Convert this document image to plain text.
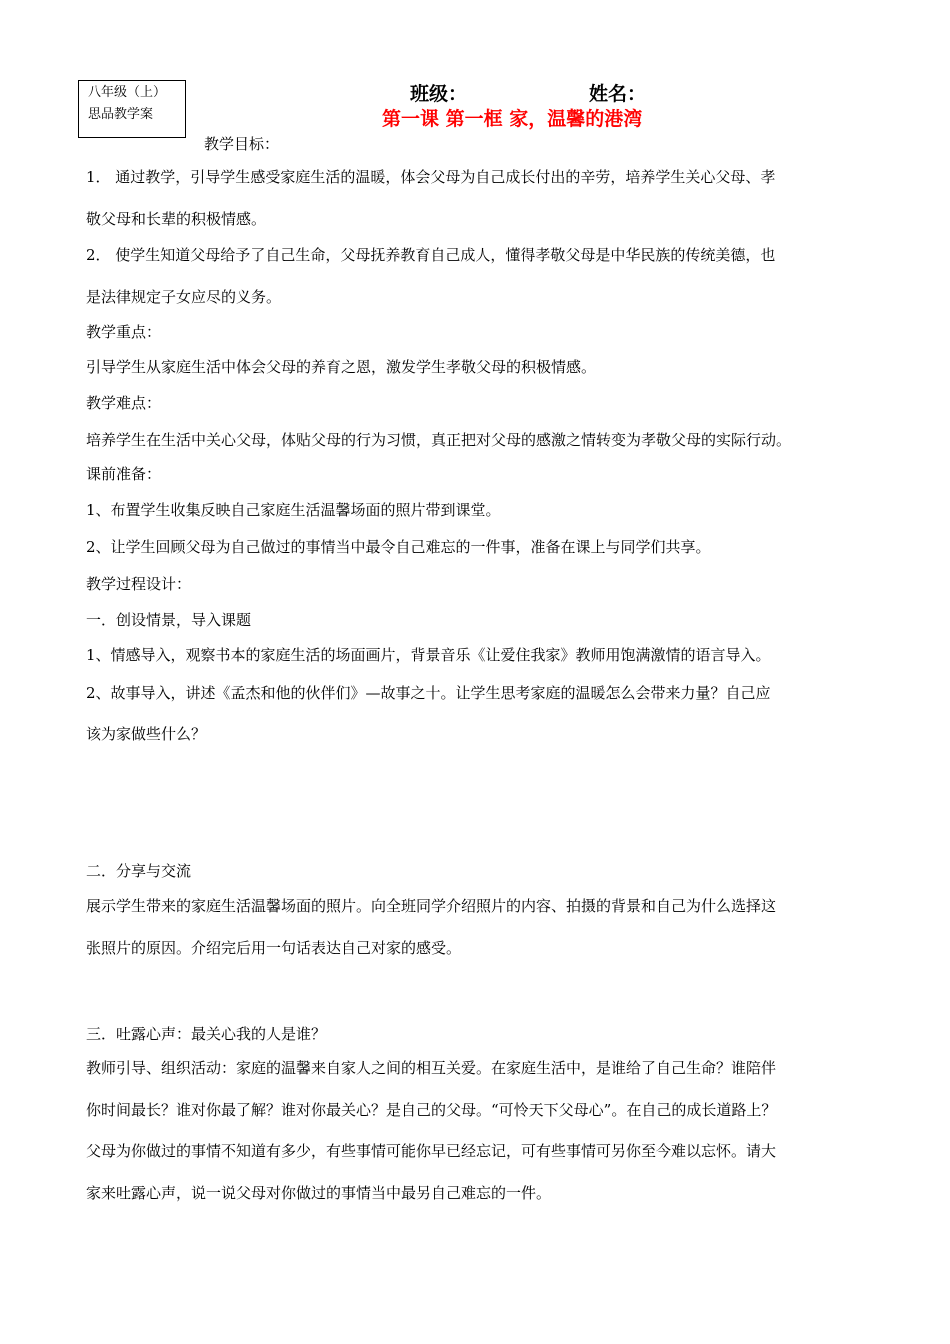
八年级（上）
思品教学案
班级：	姓名：
第一课 第一框 家，温馨的港湾
教学目标：
1． 通过教学，引导学生感受家庭生活的温暖，体会父母为自己成长付出的辛劳，培养学生关心父母、孝
敬父母和长辈的积极情感。
2． 使学生知道父母给予了自己生命，父母抚养教育自己成人，懂得孝敬父母是中华民族的传统美德，也
是法律规定子女应尽的义务。
教学重点：
引导学生从家庭生活中体会父母的养育之恩，激发学生孝敬父母的积极情感。
教学难点：
培养学生在生活中关心父母，体贴父母的行为习惯，真正把对父母的感激之情转变为孝敬父母的实际行动。
课前准备：
1、布置学生收集反映自己家庭生活温馨场面的照片带到课堂。
2、让学生回顾父母为自己做过的事情当中最令自己难忘的一件事，准备在课上与同学们共享。
教学过程设计：
一．创设情景，导入课题
1、情感导入，观察书本的家庭生活的场面画片，背景音乐《让爱住我家》教师用饱满激情的语言导入。
2、故事导入，讲述《孟杰和他的伙伴们》—故事之十。让学生思考家庭的温暖怎么会带来力量？自己应
该为家做些什么？
二．分享与交流
展示学生带来的家庭生活温馨场面的照片。向全班同学介绍照片的内容、拍摄的背景和自己为什么选择这
张照片的原因。介绍完后用一句话表达自己对家的感受。
三．吐露心声：最关心我的人是谁？
教师引导、组织活动：家庭的温馨来自家人之间的相互关爱。在家庭生活中，是谁给了自己生命？谁陪伴
你时间最长？谁对你最了解？谁对你最关心？是自己的父母。“可怜天下父母心”。在自己的成长道路上？
父母为你做过的事情不知道有多少，有些事情可能你早已经忘记，可有些事情可另你至今难以忘怀。请大
家来吐露心声，说一说父母对你做过的事情当中最另自己难忘的一件。
